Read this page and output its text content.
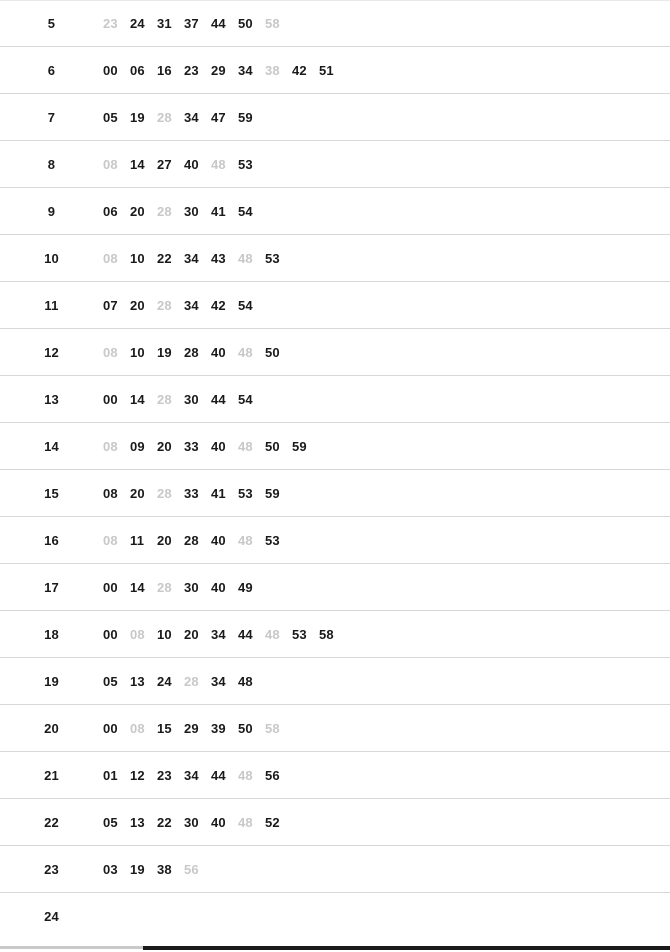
5	23 24 31 37 44 50 58
6	00 06 16 23 29 34 38 42 51
7	05 19 28 34 47 59
8	08 14 27 40 48 53
9	06 20 28 30 41 54
10	08 10 22 34 43 48 53
11	07 20 28 34 42 54
12	08 10 19 28 40 48 50
13	00 14 28 30 44 54
14	08 09 20 33 40 48 50 59
15	08 20 28 33 41 53 59
16	08 11 20 28 40 48 53
17	00 14 28 30 40 49
18	00 08 10 20 34 44 48 53 58
19	05 13 24 28 34 48
20	00 08 15 29 39 50 58
21	01 12 23 34 44 48 56
22	05 13 22 30 40 48 52
23	03 19 38 56
24
